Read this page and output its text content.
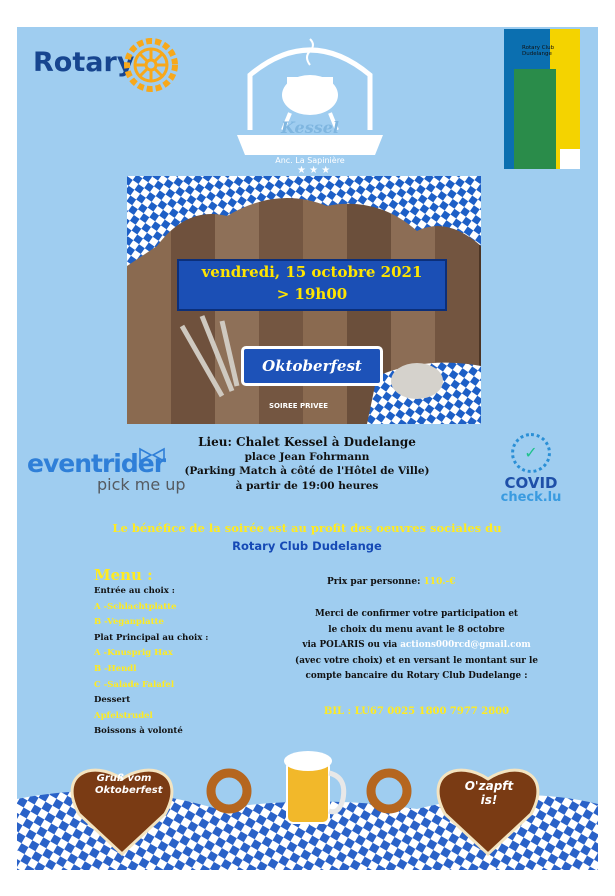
Rotary
Anc. La Sapinière
★ ★ ★
Kessel
Rotary Club Dudelange
vendredi, 15 octobre 2021
> 19h00
Oktoberfest
SOIREE PRIVEE
eventrider
pick me up
Lieu: Chalet Kessel à Dudelange
place Jean Fohrmann
(Parking Match à côté de l'Hôtel de Ville)
à partir de 19:00 heures
✓
COVID
check.lu
Le bénéfice de la soirée est au profit des oeuvres sociales du
Rotary Club Dudelange
Menu :
Entrée au choix :
A -Schlachtplatte
B -Veganplatte
Plat Principal au choix :
A -Knusprig Hax
B -Hendl
C -Salade Falafel
Dessert
Apfelstrudel
Boissons à volonté
Prix par personne: 110.-€
Merci de confirmer votre participation et
le choix du menu avant le 8 octobre
via POLARIS ou via actions000rcd@gmail.com
(avec votre choix) et en versant le montant sur le
compte bancaire du Rotary Club Dudelange :
BIL : LU67 0025 1800 7977 2800
Gruß vom Oktoberfest	O'zapft is!
